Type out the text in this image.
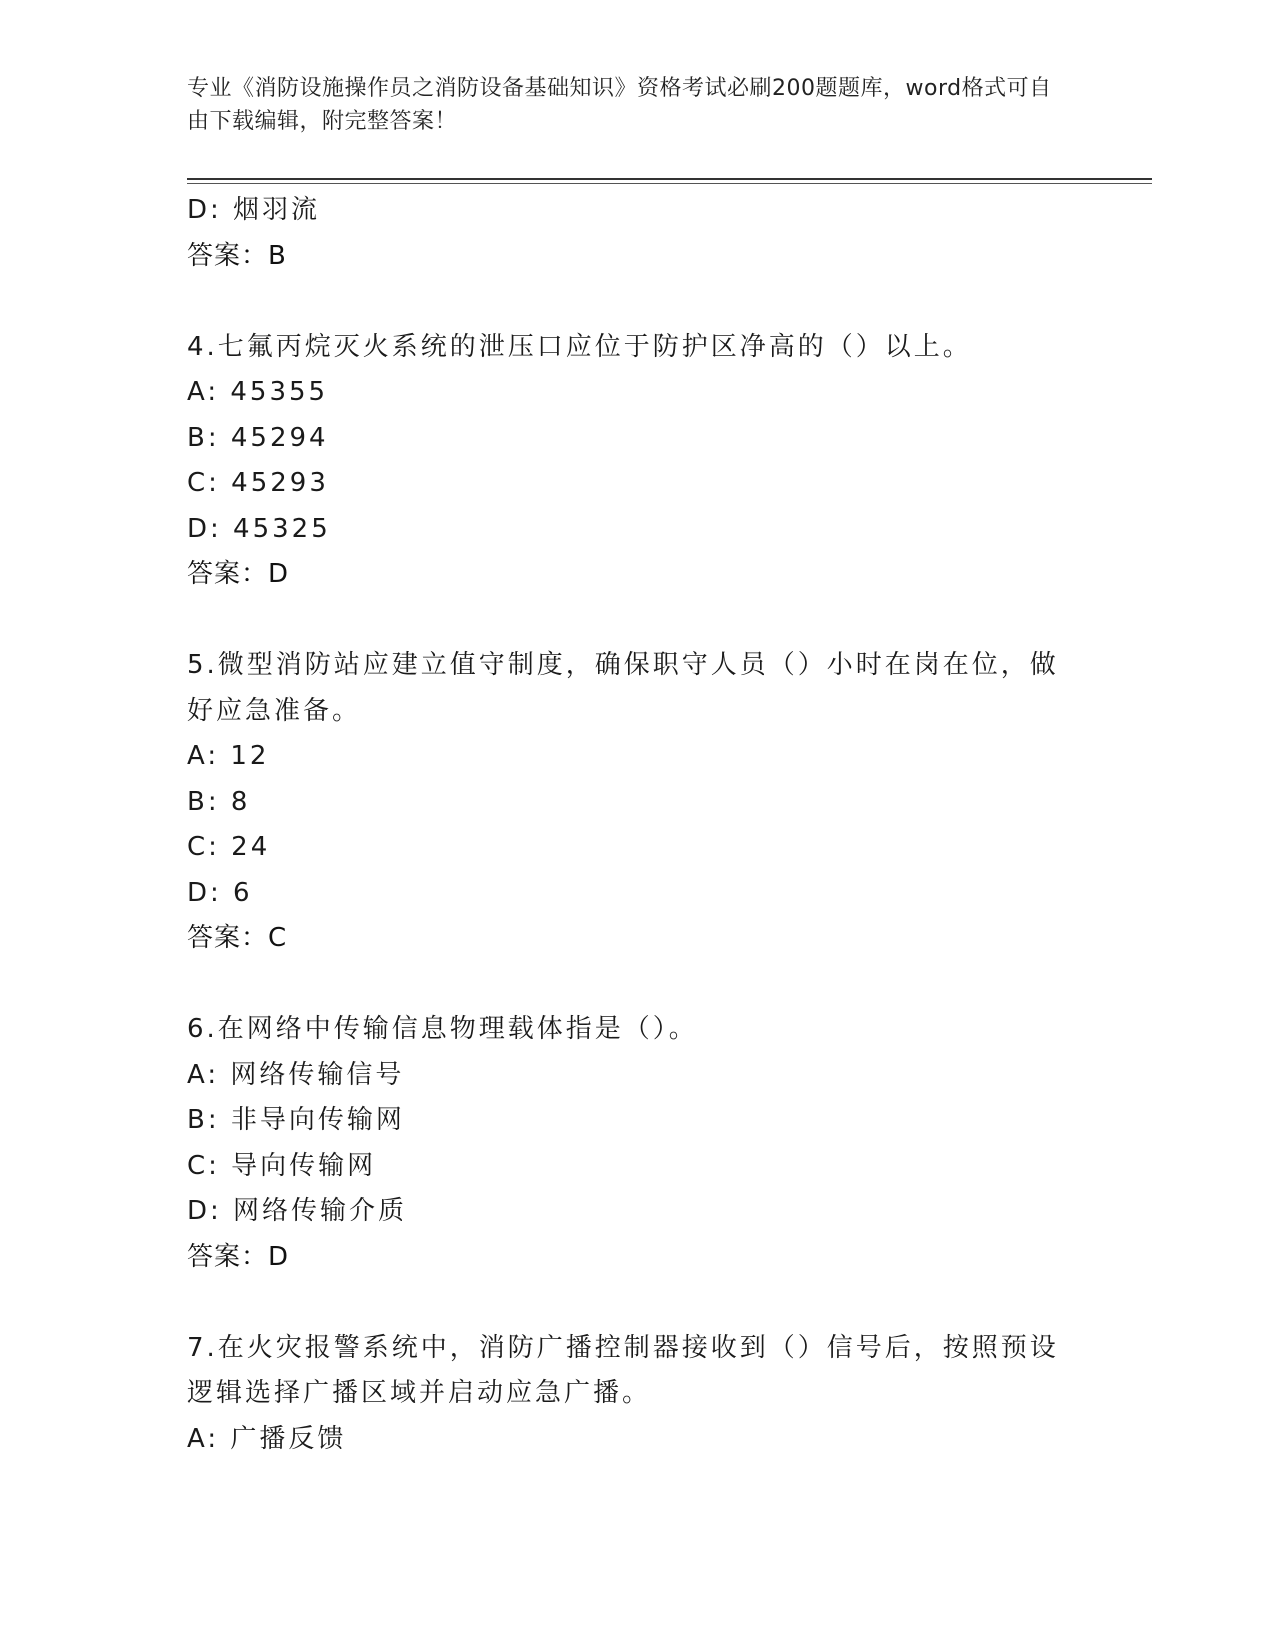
专业《消防设施操作员之消防设备基础知识》资格考试必刷200题题库，word格式可自由下载编辑，附完整答案！
D: 烟羽流
答案：B
4.七氟丙烷灭火系统的泄压口应位于防护区净高的（）以上。
A: 45355
B: 45294
C: 45293
D: 45325
答案：D
5.微型消防站应建立值守制度，确保职守人员（）小时在岗在位，做好应急准备。
A: 12
B: 8
C: 24
D: 6
答案：C
6.在网络中传输信息物理载体指是（）。
A: 网络传输信号
B: 非导向传输网
C: 导向传输网
D: 网络传输介质
答案：D
7.在火灾报警系统中，消防广播控制器接收到（）信号后，按照预设逻辑选择广播区域并启动应急广播。
A: 广播反馈
